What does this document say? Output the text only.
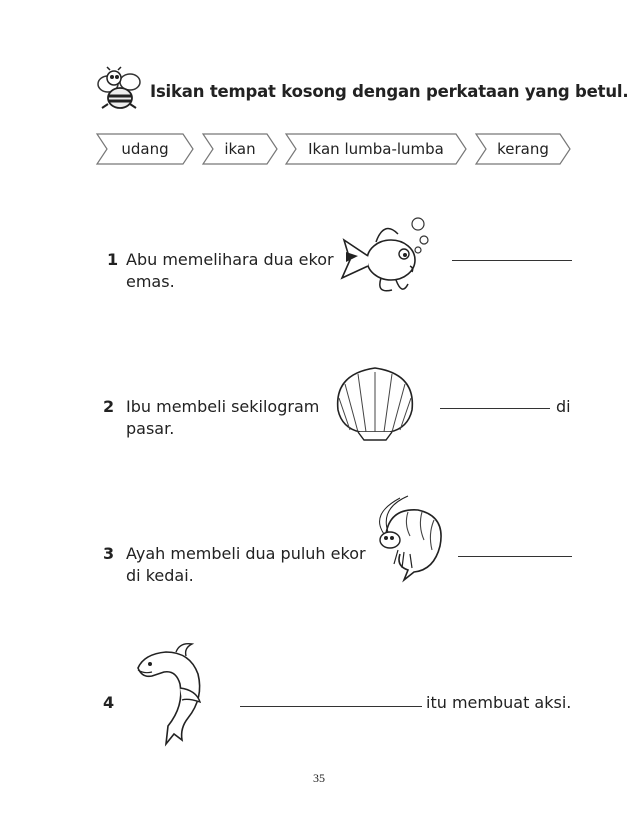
Isikan tempat kosong dengan perkataan yang betul.
udang	ikan	Ikan lumba-lumba	kerang
1 Abu memelihara dua ekor
emas.
2 Ibu membeli sekilogram
pasar.
di
3 Ayah membeli dua puluh ekor
di kedai.
4	itu membuat aksi.
35
